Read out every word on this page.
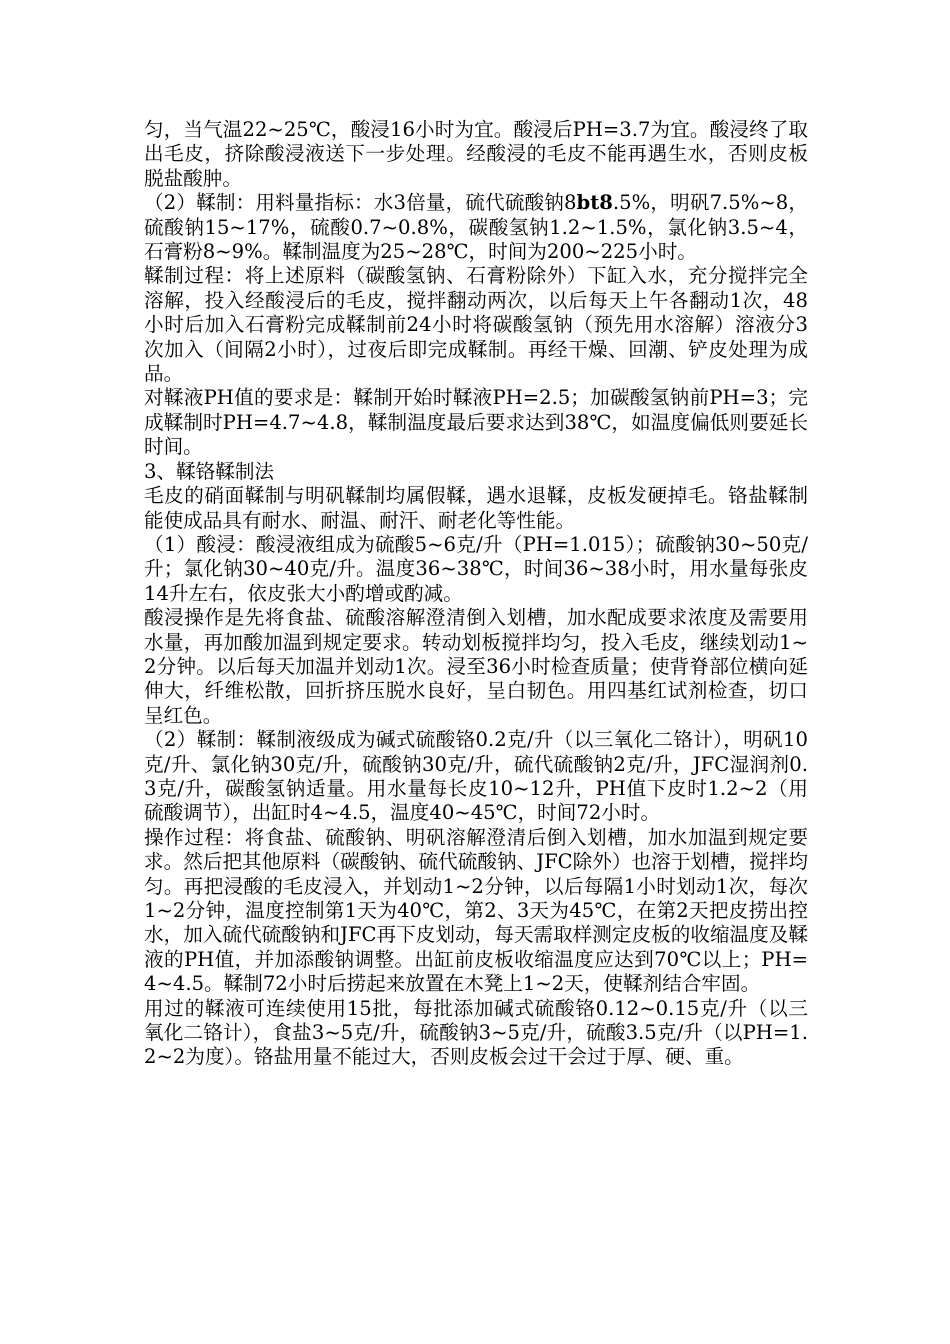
匀，当气温22~25℃，酸浸16小时为宜。酸浸后PH=3.7为宜。酸浸终了取出毛皮，挤除酸浸液送下一步处理。经酸浸的毛皮不能再遇生水，否则皮板脱盐酸肿。

（2）鞣制：用料量指标：水3倍量，硫代硫酸钠8bt8.5%，明矾7.5%~8，硫酸钠15~17%，硫酸0.7~0.8%，碳酸氢钠1.2~1.5%，氯化钠3.5~4，石膏粉8~9%。鞣制温度为25~28℃，时间为200~225小时。

鞣制过程：将上述原料（碳酸氢钠、石膏粉除外）下缸入水，充分搅拌完全溶解，投入经酸浸后的毛皮，搅拌翻动两次，以后每天上午各翻动1次，48小时后加入石膏粉完成鞣制前24小时将碳酸氢钠（预先用水溶解）溶液分3次加入（间隔2小时），过夜后即完成鞣制。再经干燥、回潮、铲皮处理为成品。

对鞣液PH值的要求是：鞣制开始时鞣液PH=2.5；加碳酸氢钠前PH=3；完成鞣制时PH=4.7~4.8，鞣制温度最后要求达到38℃，如温度偏低则要延长时间。

3、鞣铬鞣制法

毛皮的硝面鞣制与明矾鞣制均属假鞣，遇水退鞣，皮板发硬掉毛。铬盐鞣制能使成品具有耐水、耐温、耐汗、耐老化等性能。

（1）酸浸：酸浸液组成为硫酸5~6克/升（PH=1.015）；硫酸钠30~50克/升；氯化钠30~40克/升。温度36~38℃，时间36~38小时，用水量每张皮14升左右，依皮张大小酌增或酌减。

酸浸操作是先将食盐、硫酸溶解澄清倒入划槽，加水配成要求浓度及需要用水量，再加酸加温到规定要求。转动划板搅拌均匀，投入毛皮，继续划动1~2分钟。以后每天加温并划动1次。浸至36小时检查质量；使背脊部位横向延伸大，纤维松散，回折挤压脱水良好，呈白韧色。用四基红试剂检查，切口呈红色。

（2）鞣制：鞣制液级成为碱式硫酸铬0.2克/升（以三氧化二铬计），明矾10克/升、氯化钠30克/升，硫酸钠30克/升，硫代硫酸钠2克/升，JFC湿润剂0.3克/升，碳酸氢钠适量。用水量每长皮10~12升，PH值下皮时1.2~2（用硫酸调节），出缸时4~4.5，温度40~45℃，时间72小时。

操作过程：将食盐、硫酸钠、明矾溶解澄清后倒入划槽，加水加温到规定要求。然后把其他原料（碳酸钠、硫代硫酸钠、JFC除外）也溶于划槽，搅拌均匀。再把浸酸的毛皮浸入，并划动1~2分钟，以后每隔1小时划动1次，每次1~2分钟，温度控制第1天为40℃，第2、3天为45℃，在第2天把皮捞出控水，加入硫代硫酸钠和JFC再下皮划动，每天需取样测定皮板的收缩温度及鞣液的PH值，并加添酸钠调整。出缸前皮板收缩温度应达到70℃以上；PH=4~4.5。鞣制72小时后捞起来放置在木凳上1~2天，使鞣剂结合牢固。

用过的鞣液可连续使用15批，每批添加碱式硫酸铬0.12~0.15克/升（以三氧化二铬计），食盐3~5克/升，硫酸钠3~5克/升，硫酸3.5克/升（以PH=1.2~2为度）。铬盐用量不能过大，否则皮板会过干会过于厚、硬、重。
